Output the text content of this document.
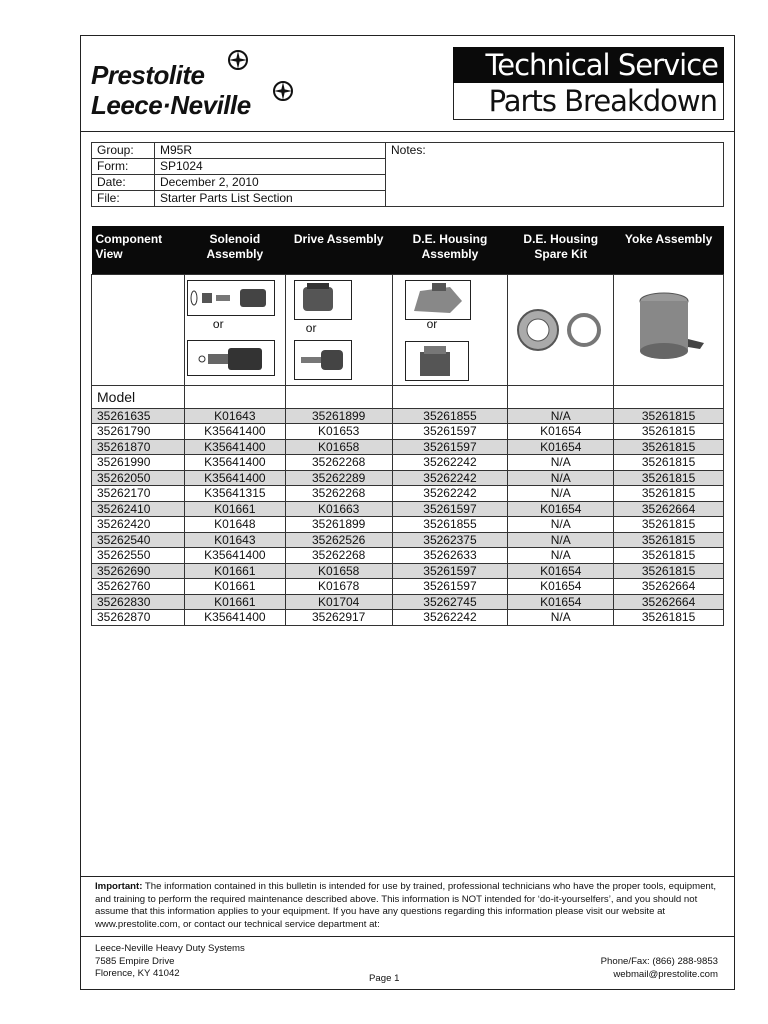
Prestolite
Leece·Neville
Technical Service
Parts Breakdown
Group:	M95R	Notes:
Form:	SP1024	
Date:	December 2, 2010	
File:	Starter Parts List Section	
Component View	Solenoid Assembly	Drive Assembly	D.E. Housing Assembly	D.E. Housing Spare Kit	Yoke Assembly

	or	or	or

Model					
35261635	K01643	35261899	35261855	N/A	35261815
35261790	K35641400	K01653	35261597	K01654	35261815
35261870	K35641400	K01658	35261597	K01654	35261815
35261990	K35641400	35262268	35262242	N/A	35261815
35262050	K35641400	35262289	35262242	N/A	35261815
35262170	K35641315	35262268	35262242	N/A	35261815
35262410	K01661	K01663	35261597	K01654	35262664
35262420	K01648	35261899	35261855	N/A	35261815
35262540	K01643	35262526	35262375	N/A	35261815
35262550	K35641400	35262268	35262633	N/A	35261815
35262690	K01661	K01658	35261597	K01654	35261815
35262760	K01661	K01678	35261597	K01654	35262664
35262830	K01661	K01704	35262745	K01654	35262664
35262870	K35641400	35262917	35262242	N/A	35261815
Important: The information contained in this bulletin is intended for use by trained, professional technicians who have the proper tools, equipment, and training to perform the required maintenance described above. This information is NOT intended for ‘do-it-yourselfers’, and you should not assume that this information applies to your equipment. If you have any questions regarding this information please visit our website at www.prestolite.com, or contact our technical service department at:
Leece-Neville Heavy Duty Systems
7585 Empire Drive
Florence, KY 41042	Page 1
Phone/Fax: (866) 288-9853
webmail@prestolite.com
